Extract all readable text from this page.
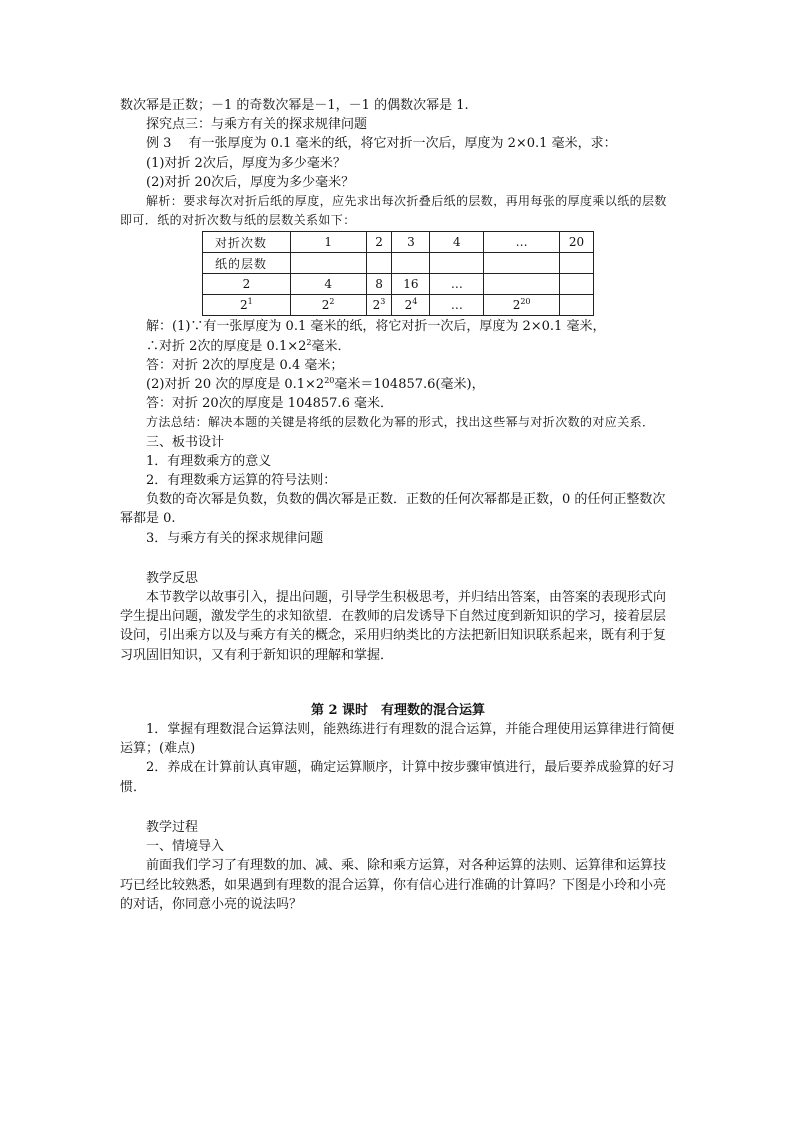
数次幂是正数；－1 的奇数次幂是－1，－1 的偶数次幂是 1.

探究点三：与乘方有关的探求规律问题

例 3　 有一张厚度为 0.1 毫米的纸，将它对折一次后，厚度为 2×0.1 毫米，求：

(1)对折 2次后，厚度为多少毫米？

(2)对折 20次后，厚度为多少毫米？

解析：要求每次对折后纸的厚度，应先求出每次折叠后纸的层数，再用每张的厚度乘以纸的层数即可．纸的对折次数与纸的层数关系如下：

对折次数	1	2	3	4	…	20
纸的层数						
2	4	8	16	…		
$2^1$	$2^2$	$2^3$	$2^4$	…	$2^{20}$	

解：(1)∵有一张厚度为 0.1 毫米的纸，将它对折一次后，厚度为 2×0.1 毫米，

∴对折 2次的厚度是 $0.1\times 2^2$毫米．

答：对折 2次的厚度是 0.4 毫米；

(2)对折 20 次的厚度是 $0.1\times 2^{20}$毫米＝104857.6(毫米)，

答：对折 20次的厚度是 104857.6 毫米．

方法总结：解决本题的关键是将纸的层数化为幂的形式，找出这些幂与对折次数的对应关系．

三、板书设计

1．有理数乘方的意义

2．有理数乘方运算的符号法则：

负数的奇次幂是负数，负数的偶次幂是正数．正数的任何次幂都是正数，0 的任何正整数次幂都是 0.

3．与乘方有关的探求规律问题

教学反思

本节教学以故事引入，提出问题，引导学生积极思考，并归结出答案，由答案的表现形式向学生提出问题，激发学生的求知欲望．在教师的启发诱导下自然过度到新知识的学习，接着层层设问，引出乘方以及与乘方有关的概念，采用归纳类比的方法把新旧知识联系起来，既有利于复习巩固旧知识，又有利于新知识的理解和掌握．

第 2 课时　有理数的混合运算

1．掌握有理数混合运算法则，能熟练进行有理数的混合运算，并能合理使用运算律进行简便运算；(难点)

2．养成在计算前认真审题，确定运算顺序，计算中按步骤审慎进行，最后要养成验算的好习惯．

教学过程

一、情境导入

前面我们学习了有理数的加、减、乘、除和乘方运算，对各种运算的法则、运算律和运算技巧已经比较熟悉，如果遇到有理数的混合运算，你有信心进行准确的计算吗？下图是小玲和小亮的对话，你同意小亮的说法吗？
